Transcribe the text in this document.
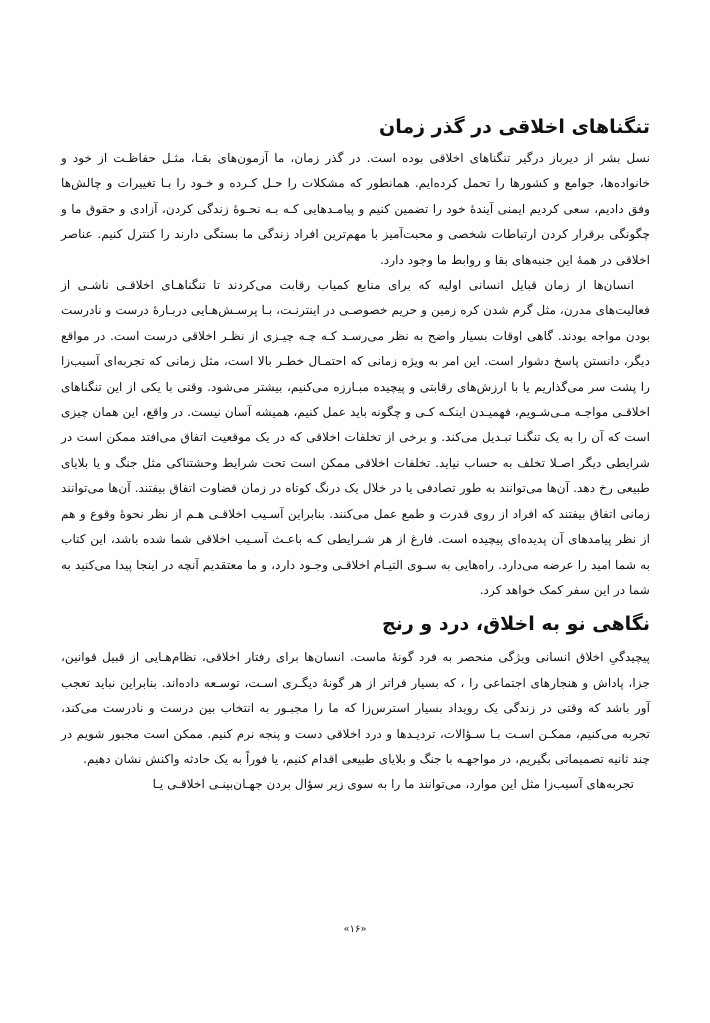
تنگناهای اخلاقی در گذر زمان

نسل بشر از دیرباز درگیر تنگناهای اخلاقی بوده است. در گذر زمان، ما آزمون‌های بقـا، مثـل حفاظـت از خود و خانواده‌ها، جوامع و کشورها را تحمل کرده‌ایم. همانطور که مشکلات را حـل کـرده و خـود را بـا تغییرات و چالش‌ها وفق دادیم، سعی کردیم ایمنی آیندهٔ خود را تضمین کنیم و پیامـدهایی کـه بـه نحـوهٔ زندگی کردن، آزادی و حقوق ما و چگونگی برقرار کردن ارتباطات شخصی و محبت‌آمیز با مهم‌ترین افراد زندگی ما بستگی دارند را کنترل کنیم. عناصر اخلاقی در همهٔ این جنبه‌های بقا و روابط ما وجود دارد.

انسان‌ها از زمان قبایل انسانی اولیه که برای منابع کمیاب رقابت می‌کردند تا تنگناهـای اخلاقـی ناشـی از فعالیت‌های مدرن، مثل گرم شدن کره زمین و حریم خصوصـی در اینترنـت، بـا پرسـش‌هـایی دربـارهٔ درست و نادرست بودن مواجه بودند. گاهی اوقات بسیار واضح به نظر می‌رسـد کـه چـه چیـزی از نظـر اخلاقی درست است. در مواقع دیگر، دانستن پاسخ دشوار است. این امر به ویژه زمانی که احتمـال خطـر بالا است، مثل زمانی که تجربه‌ای آسیب‌زا را پشت سر می‌گذاریم یا با ارزش‌های رقابتی و پیچیده مبـارزه می‌کنیم، بیشتر می‌شود. وقتی با یکی از این تنگناهای اخلاقـی مواجـه مـی‌شـویم، فهمیـدن اینکـه کـی و چگونه باید عمل کنیم، همیشه آسان نیست. در واقع، این همان چیزی است که آن را به یک تنگنـا تبـدیل می‌کند. و برخی از تخلفات اخلاقی که در یک موقعیت اتفاق می‌افتد ممکن است در شرایطی دیگر اصـلا تخلف به حساب نیاید. تخلفات اخلاقی ممکن است تحت شرایط وحشتناکی مثل جنگ و یا بلایای طبیعی رخ دهد. آن‌ها می‌توانند به طور تصادفی یا در خلال یک درنگ کوتاه در زمان قضاوت اتفاق بیفتند. آن‌ها می‌توانند زمانی اتفاق بیفتند که افراد از روی قدرت و طمع عمل می‌کنند. بنابراین آسـیب اخلاقـی هـم از نظر نحوهٔ وقوع و هم از نظر پیامدهای آن پدیده‌ای پیچیده است. فارغ از هر شـرایطی کـه باعـث آسـیب اخلاقی شما شده باشد، این کتاب به شما امید را عرضه می‌دارد. راه‌هایی به سـوی التیـام اخلاقـی وجـود دارد، و ما معتقدیم آنچه در اینجا پیدا می‌کنید به شما در این سفر کمک خواهد کرد.

نگاهی نو به اخلاق، درد و رنج

پیچیدگیِ اخلاق انسانی ویژگی منحصر به فرد گونهٔ ماست. انسان‌ها برای رفتار اخلاقی، نظام‌هـایی از قبیل قوانین، جزا، پاداش و هنجارهای اجتماعی را ، که بسیار فراتر از هر گونهٔ دیگـری اسـت، توسـعه داده‌اند. بنابراین نباید تعجب آور باشد که وقتی در زندگی یک رویداد بسیار استرس‌زا که ما را مجبـور به انتخاب بین درست و نادرست می‌کند، تجربه می‌کنیم، ممکـن اسـت بـا سـؤالات، تردیـدها و درد اخلاقی دست و پنجه نرم کنیم. ممکن است مجبور شویم در چند ثانیه تصمیماتی بگیریم، در مواجهـه با جنگ و بلایای طبیعی اقدام کنیم، یا فوراً به یک حادثه واکنش نشان دهیم.

تجربه‌های آسیب‌زا مثل این موارد، می‌توانند ما را به سوی زیر سؤال بردن جهـان‌بینـی اخلاقـی یـا

«۱۶»
